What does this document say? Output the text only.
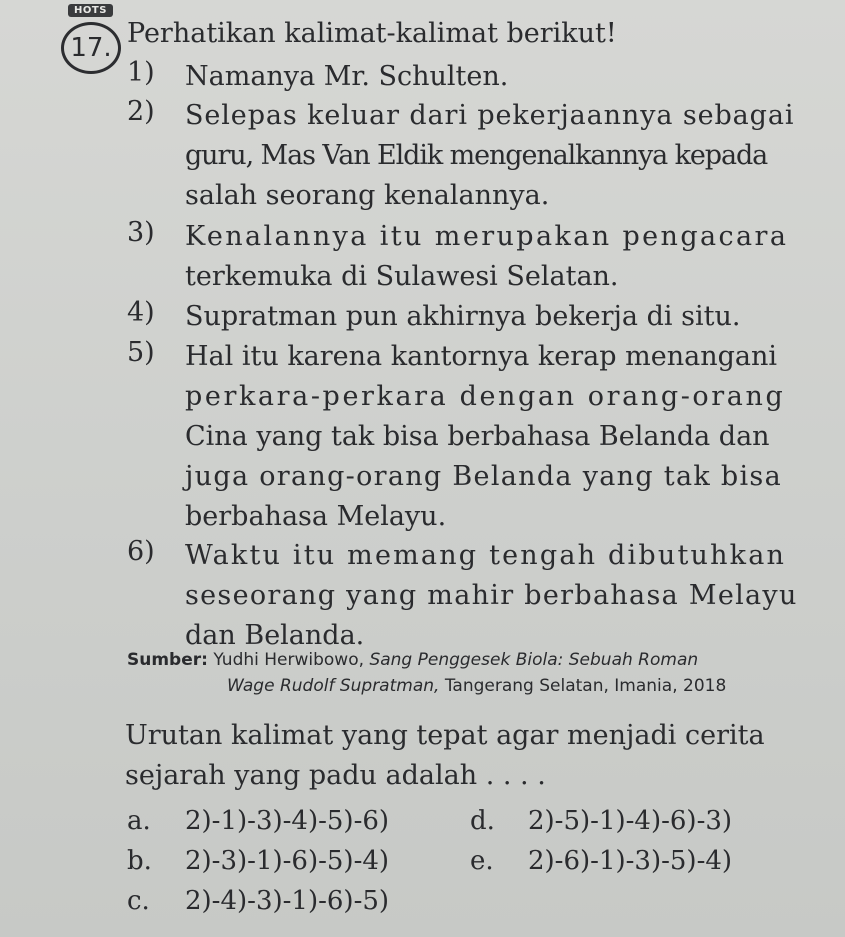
HOTS
17. Perhatikan kalimat-kalimat berikut!
1) Namanya Mr. Schulten.
2) Selepas keluar dari pekerjaannya sebagai
guru, Mas Van Eldik mengenalkannya kepada
salah seorang kenalannya.
3) Kenalannya itu merupakan pengacara
terkemuka di Sulawesi Selatan.
4) Supratman pun akhirnya bekerja di situ.
5) Hal itu karena kantornya kerap menangani
perkara-perkara dengan orang-orang
Cina yang tak bisa berbahasa Belanda dan
juga orang-orang Belanda yang tak bisa
berbahasa Melayu.
6) Waktu itu memang tengah dibutuhkan
seseorang yang mahir berbahasa Melayu
dan Belanda.
Sumber: Yudhi Herwibowo, Sang Penggesek Biola: Sebuah Roman
Wage Rudolf Supratman, Tangerang Selatan, Imania, 2018
Urutan kalimat yang tepat agar menjadi cerita
sejarah yang padu adalah . . . .
a. 2)-1)-3)-4)-5)-6)
b. 2)-3)-1)-6)-5)-4)
c. 2)-4)-3)-1)-6)-5)
d. 2)-5)-1)-4)-6)-3)
e. 2)-6)-1)-3)-5)-4)
